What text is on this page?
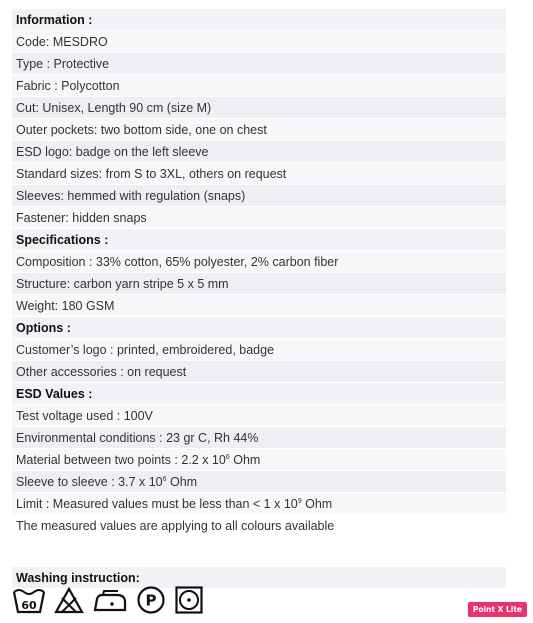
Information :
Code: MESDRO
Type : Protective
Fabric : Polycotton
Cut: Unisex, Length 90 cm (size M)
Outer pockets: two bottom side, one on chest
ESD logo: badge on the left sleeve
Standard sizes: from S to 3XL, others on request
Sleeves: hemmed with regulation (snaps)
Fastener: hidden snaps
Specifications :
Composition : 33% cotton, 65% polyester, 2% carbon fiber
Structure: carbon yarn stripe 5 x 5 mm
Weight: 180 GSM
Options :
Customer’s logo : printed, embroidered, badge
Other accessories : on request
ESD Values :
Test voltage used : 100V
Environmental conditions : 23 gr C, Rh 44%
Material between two points : 2.2 x $10^6$ Ohm
Sleeve to sleeve : 3.7 x $10^6$ Ohm
Limit : Measured values must be less than < 1 x $10^9$ Ohm
The measured values are applying to all colours available
Washing instruction:
60	P	Point X Lite
